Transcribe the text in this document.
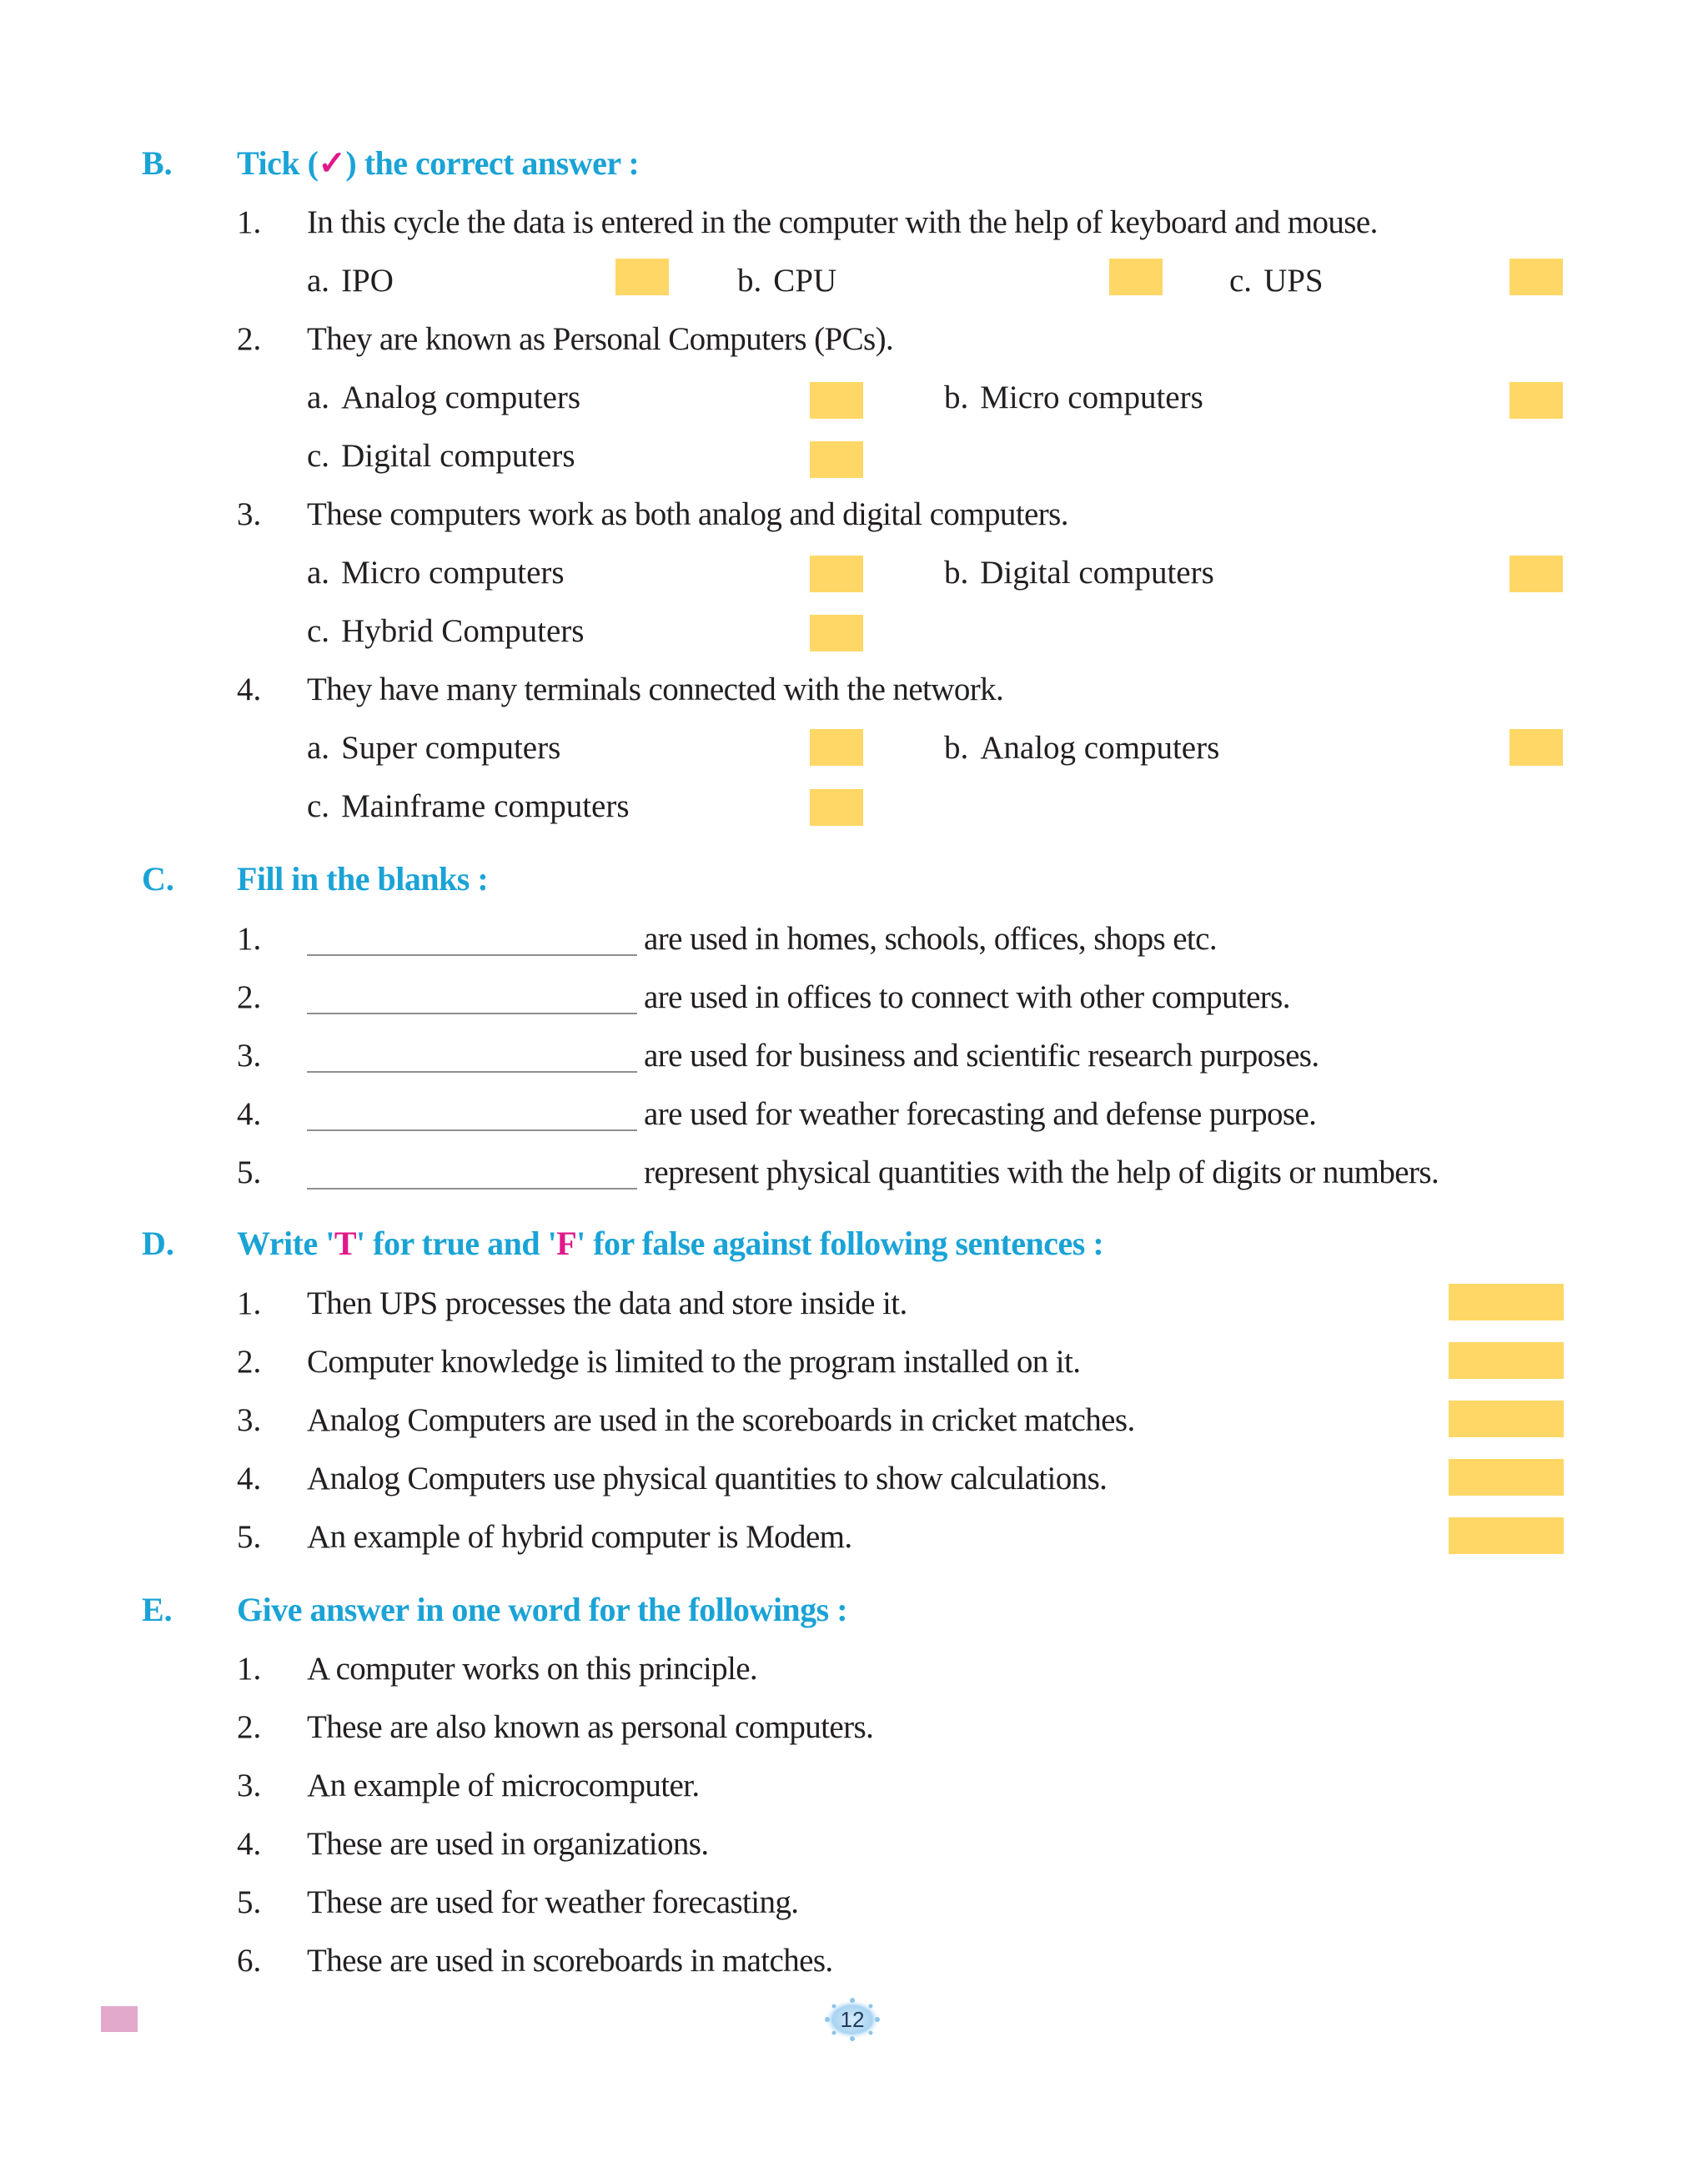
B. Tick (✓) the correct answer :
1. In this cycle the data is entered in the computer with the help of keyboard and mouse.
a. IPO	b. CPU	c. UPS
2. They are known as Personal Computers (PCs).
a. Analog computers	b. Micro computers
c. Digital computers
3. These computers work as both analog and digital computers.
a. Micro computers	b. Digital computers
c. Hybrid Computers
4. They have many terminals connected with the network.
a. Super computers	b. Analog computers
c. Mainframe computers
C. Fill in the blanks :
1.	are used in homes, schools, offices, shops etc.
2.	are used in offices to connect with other computers.
3.	are used for business and scientific research purposes.
4.	are used for weather forecasting and defense purpose.
5.	represent physical quantities with the help of digits or numbers.
D. Write 'T' for true and 'F' for false against following sentences :
1. Then UPS processes the data and store inside it.
2. Computer knowledge is limited to the program installed on it.
3. Analog Computers are used in the scoreboards in cricket matches.
4. Analog Computers use physical quantities to show calculations.
5. An example of hybrid computer is Modem.
E. Give answer in one word for the followings :
1. A computer works on this principle.
2. These are also known as personal computers.
3. An example of microcomputer.
4. These are used in organizations.
5. These are used for weather forecasting.
6. These are used in scoreboards in matches.
12
